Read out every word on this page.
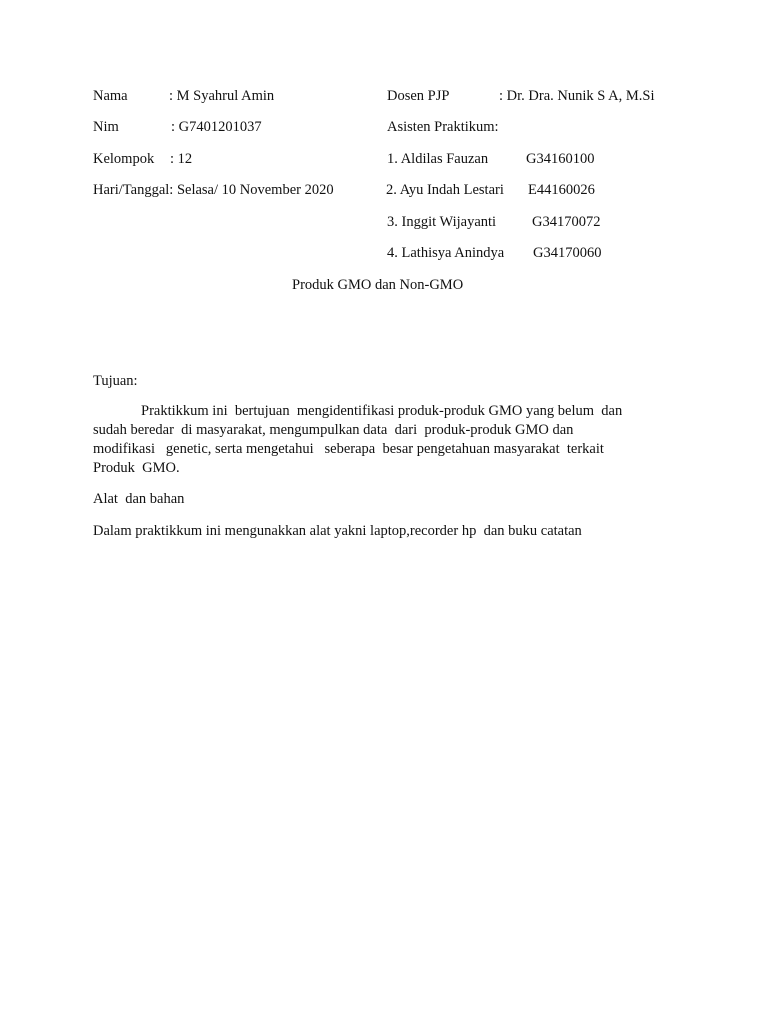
Nama	: M Syahrul Amin
Nim	: G7401201037
Kelompok : 12
Hari/Tanggal: Selasa/ 10 November 2020
Dosen PJP	: Dr. Dra. Nunik S A, M.Si
Asisten Praktikum:
1. Aldilas Fauzan	G34160100
2. Ayu Indah Lestari E44160026
3. Inggit Wijayanti G34170072
4. Lathisya Anindya G34170060
Produk GMO dan Non-GMO
Tujuan:
Praktikkum ini  bertujuan  mengidentifikasi produk-produk GMO yang belum  dan
sudah beredar  di masyarakat, mengumpulkan data  dari  produk-produk GMO dan
modifikasi   genetic, serta mengetahui   seberapa  besar pengetahuan masyarakat  terkait
Produk  GMO.
Alat  dan bahan
Dalam praktikkum ini mengunakkan alat yakni laptop,recorder hp  dan buku catatan
